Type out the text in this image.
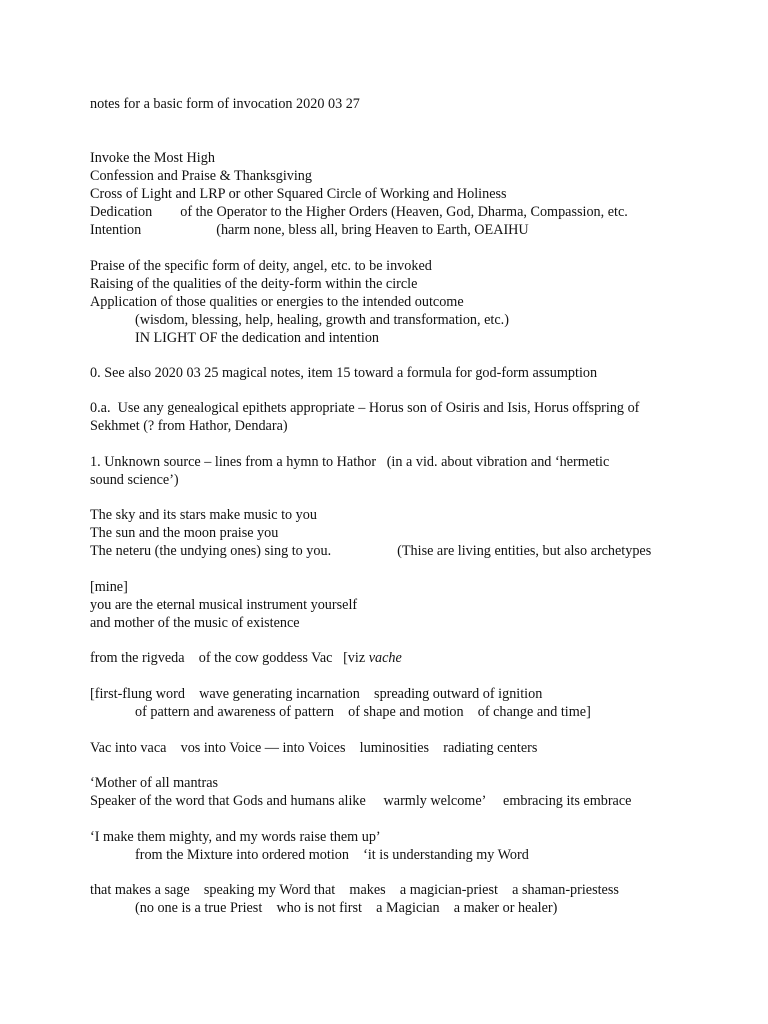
notes for a basic form of invocation 2020 03 27
Invoke the Most High
Confession and Praise & Thanksgiving
Cross of Light and LRP or other Squared Circle of Working and Holiness
Dedication of the Operator to the Higher Orders (Heaven, God, Dharma, Compassion, etc.
Intention	(harm none, bless all, bring Heaven to Earth, OEAIHU
Praise of the specific form of deity, angel, etc. to be invoked
Raising of the qualities of the deity-form within the circle
Application of those qualities or energies to the intended outcome
(wisdom, blessing, help, healing, growth and transformation, etc.)
IN LIGHT OF the dedication and intention
0. See also 2020 03 25 magical notes, item 15 toward a formula for god-form assumption
0.a.  Use any genealogical epithets appropriate – Horus son of Osiris and Isis, Horus offspring of
Sekhmet (? from Hathor, Dendara)
1. Unknown source – lines from a hymn to Hathor   (in a vid. about vibration and ‘hermetic
sound science’)
The sky and its stars make music to you
The sun and the moon praise you
The neteru (the undying ones) sing to you.	(Thise are living entities, but also archetypes
[mine]
you are the eternal musical instrument yourself
and mother of the music of existence
from the rigveda    of the cow goddess Vac   [viz vache
[first-flung word    wave generating incarnation    spreading outward of ignition
of pattern and awareness of pattern    of shape and motion    of change and time]
Vac into vaca    vos into Voice — into Voices    luminosities    radiating centers
‘Mother of all mantras
Speaker of the word that Gods and humans alike     warmly welcome’     embracing its embrace
‘I make them mighty, and my words raise them up’
from the Mixture into ordered motion    ‘it is understanding my Word
that makes a sage    speaking my Word that    makes    a magician-priest    a shaman-priestess
(no one is a true Priest    who is not first    a Magician    a maker or healer)
